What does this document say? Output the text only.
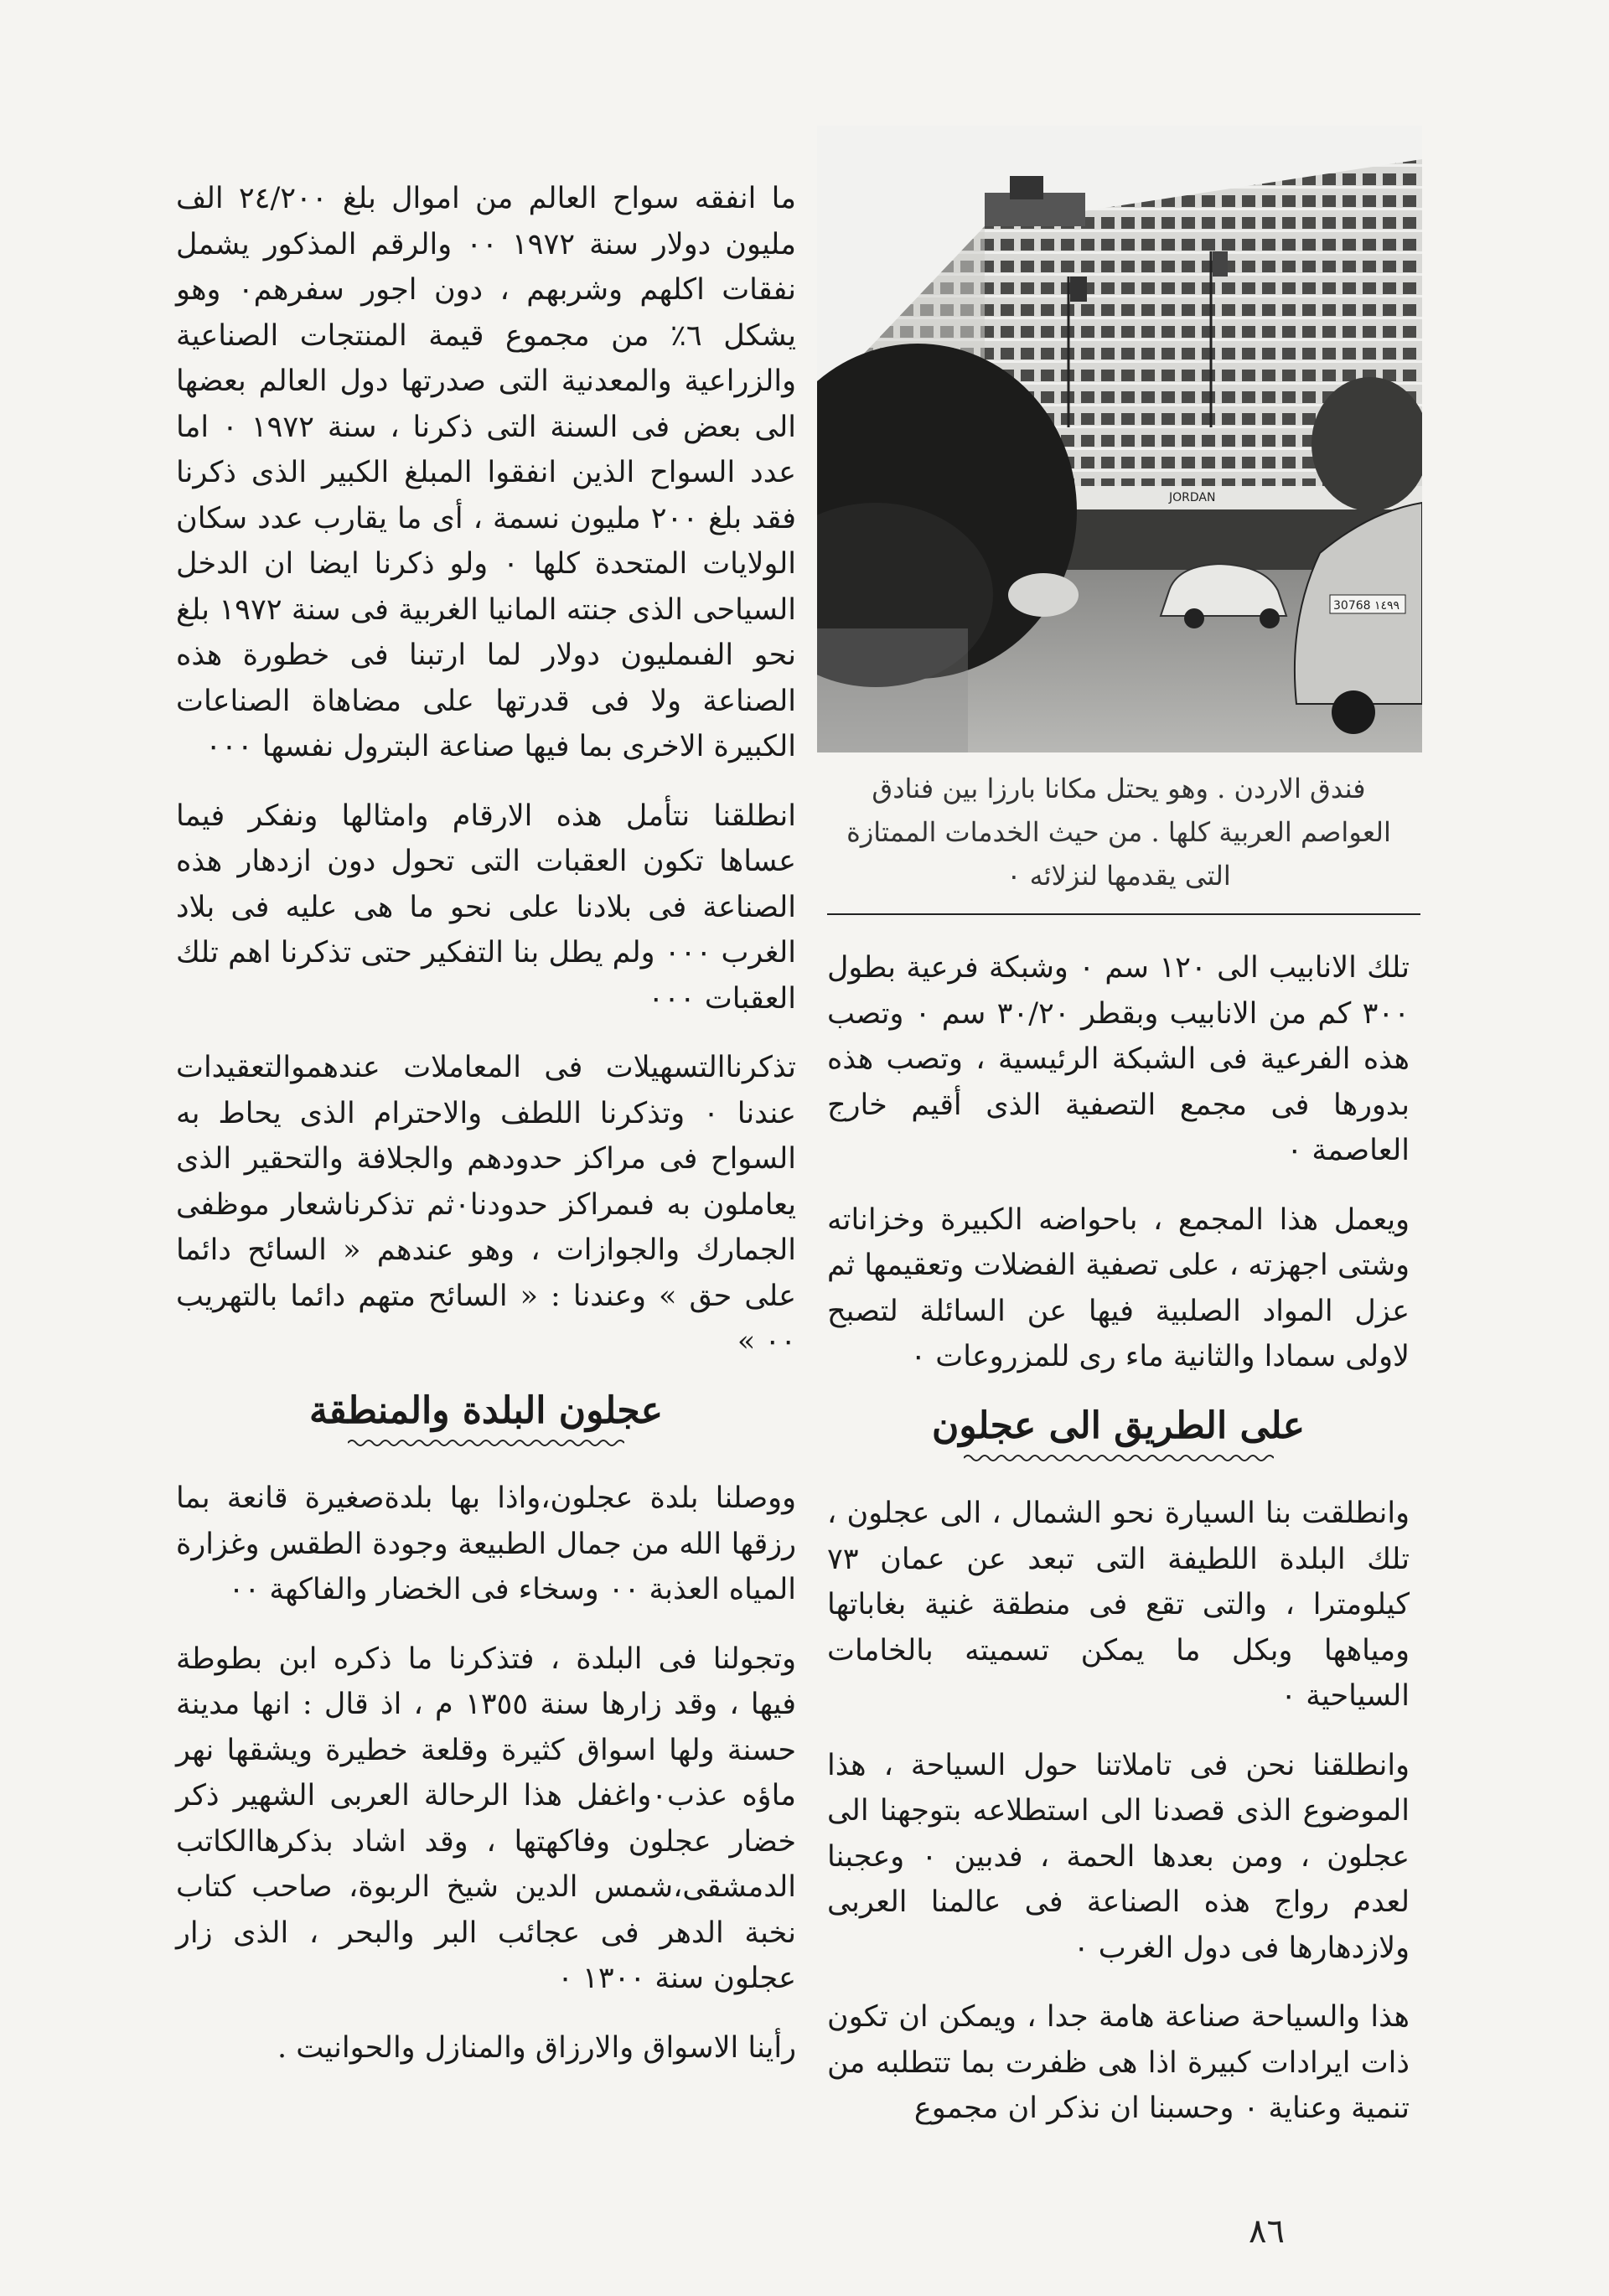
ما انفقه سواح العالم من اموال بلغ ٢٤/٢٠٠ الف مليون دولار سنة ١٩٧٢ ٠٠ والرقم المذكور يشمل نفقات اكلهم وشربهم ، دون اجور سفرهم٠ وهو يشكل ٦٪ من مجموع قيمة المنتجات الصناعية والزراعية والمعدنية التى صدرتها دول العالم بعضها الى بعض فى السنة التى ذكرنا ، سنة ١٩٧٢ ٠ اما عدد السواح الذين انفقوا المبلغ الكبير الذى ذكرنا فقد بلغ ٢٠٠ مليون نسمة ، أى ما يقارب عدد سكان الولايات المتحدة كلها ٠ ولو ذكرنا ايضا ان الدخل السياحى الذى جنته المانيا الغربية فى سنة ١٩٧٢ بلغ نحو الفىمليون دولار لما ارتبنا فى خطورة هذه الصناعة ولا فى قدرتها على مضاهاة الصناعات الكبيرة الاخرى بما فيها صناعة البترول نفسها ٠٠٠

انطلقنا نتأمل هذه الارقام وامثالها ونفكر فيما عساها تكون العقبات التى تحول دون ازدهار هذه الصناعة فى بلادنا على نحو ما هى عليه فى بلاد الغرب ٠٠٠ ولم يطل بنا التفكير حتى تذكرنا اهم تلك العقبات ٠٠٠

تذكرناالتسهيلات فى المعاملات عندهموالتعقيدات عندنا ٠ وتذكرنا اللطف والاحترام الذى يحاط به السواح فى مراكز حدودهم والجلافة والتحقير الذى يعاملون به فىمراكز حدودنا٠ثم تذكرناشعار موظفى الجمارك والجوازات ، وهو عندهم « السائح دائما على حق » وعندنا : « السائح متهم دائما بالتهريب ٠٠ »

عجلون البلدة والمنطقة

ووصلنا بلدة عجلون،واذا بها بلدةصغيرة قانعة بما رزقها الله من جمال الطبيعة وجودة الطقس وغزارة المياه العذبة ٠٠ وسخاء فى الخضار والفاكهة ٠٠

وتجولنا فى البلدة ، فتذكرنا ما ذكره ابن بطوطة فيها ، وقد زارها سنة ١٣٥٥ م ، اذ قال : انها مدينة حسنة ولها اسواق كثيرة وقلعة خطيرة ويشقها نهر ماؤه عذب٠واغفل هذا الرحالة العربى الشهير ذكر خضار عجلون وفاكهتها ، وقد اشاد بذكرهاالكاتب الدمشقى،شمس الدين شيخ الربوة، صاحب كتاب نخبة الدهر فى عجائب البر والبحر ، الذى زار عجلون سنة ١٣٠٠ ٠

رأينا الاسواق والارزاق والمنازل والحوانيت .

JORDAN
30768 ١٤٩٩
فندق الاردن . وهو يحتل مكانا بارزا بين فنادق العواصم العربية كلها . من حيث الخدمات الممتازة التى يقدمها لنزلائه ٠

تلك الانابيب الى ١٢٠ سم ٠ وشبكة فرعية بطول ٣٠٠ كم من الانابيب وبقطر ٣٠/٢٠ سم ٠ وتصب هذه الفرعية فى الشبكة الرئيسية ، وتصب هذه بدورها فى مجمع التصفية الذى أقيم خارج العاصمة ٠

ويعمل هذا المجمع ، باحواضه الكبيرة وخزاناته وشتى اجهزته ، على تصفية الفضلات وتعقيمها ثم عزل المواد الصلبية فيها عن السائلة لتصبح لاولى سمادا والثانية ماء رى للمزروعات ٠

على الطريق الى عجلون

وانطلقت بنا السيارة نحو الشمال ، الى عجلون ، تلك البلدة اللطيفة التى تبعد عن عمان ٧٣ كيلومترا ، والتى تقع فى منطقة غنية بغاباتها ومياهها وبكل ما يمكن تسميته بالخامات السياحية ٠

وانطلقنا نحن فى تاملاتنا حول السياحة ، هذا الموضوع الذى قصدنا الى استطلاعه بتوجهنا الى عجلون ، ومن بعدها الحمة ، فدبين ٠ وعجبنا لعدم رواج هذه الصناعة فى عالمنا العربى ولازدهارها فى دول الغرب ٠

هذا والسياحة صناعة هامة جدا ، ويمكن ان تكون ذات ايرادات كبيرة اذا هى ظفرت بما تتطلبه من تنمية وعناية ٠ وحسبنا ان نذكر ان مجموع

٨٦
